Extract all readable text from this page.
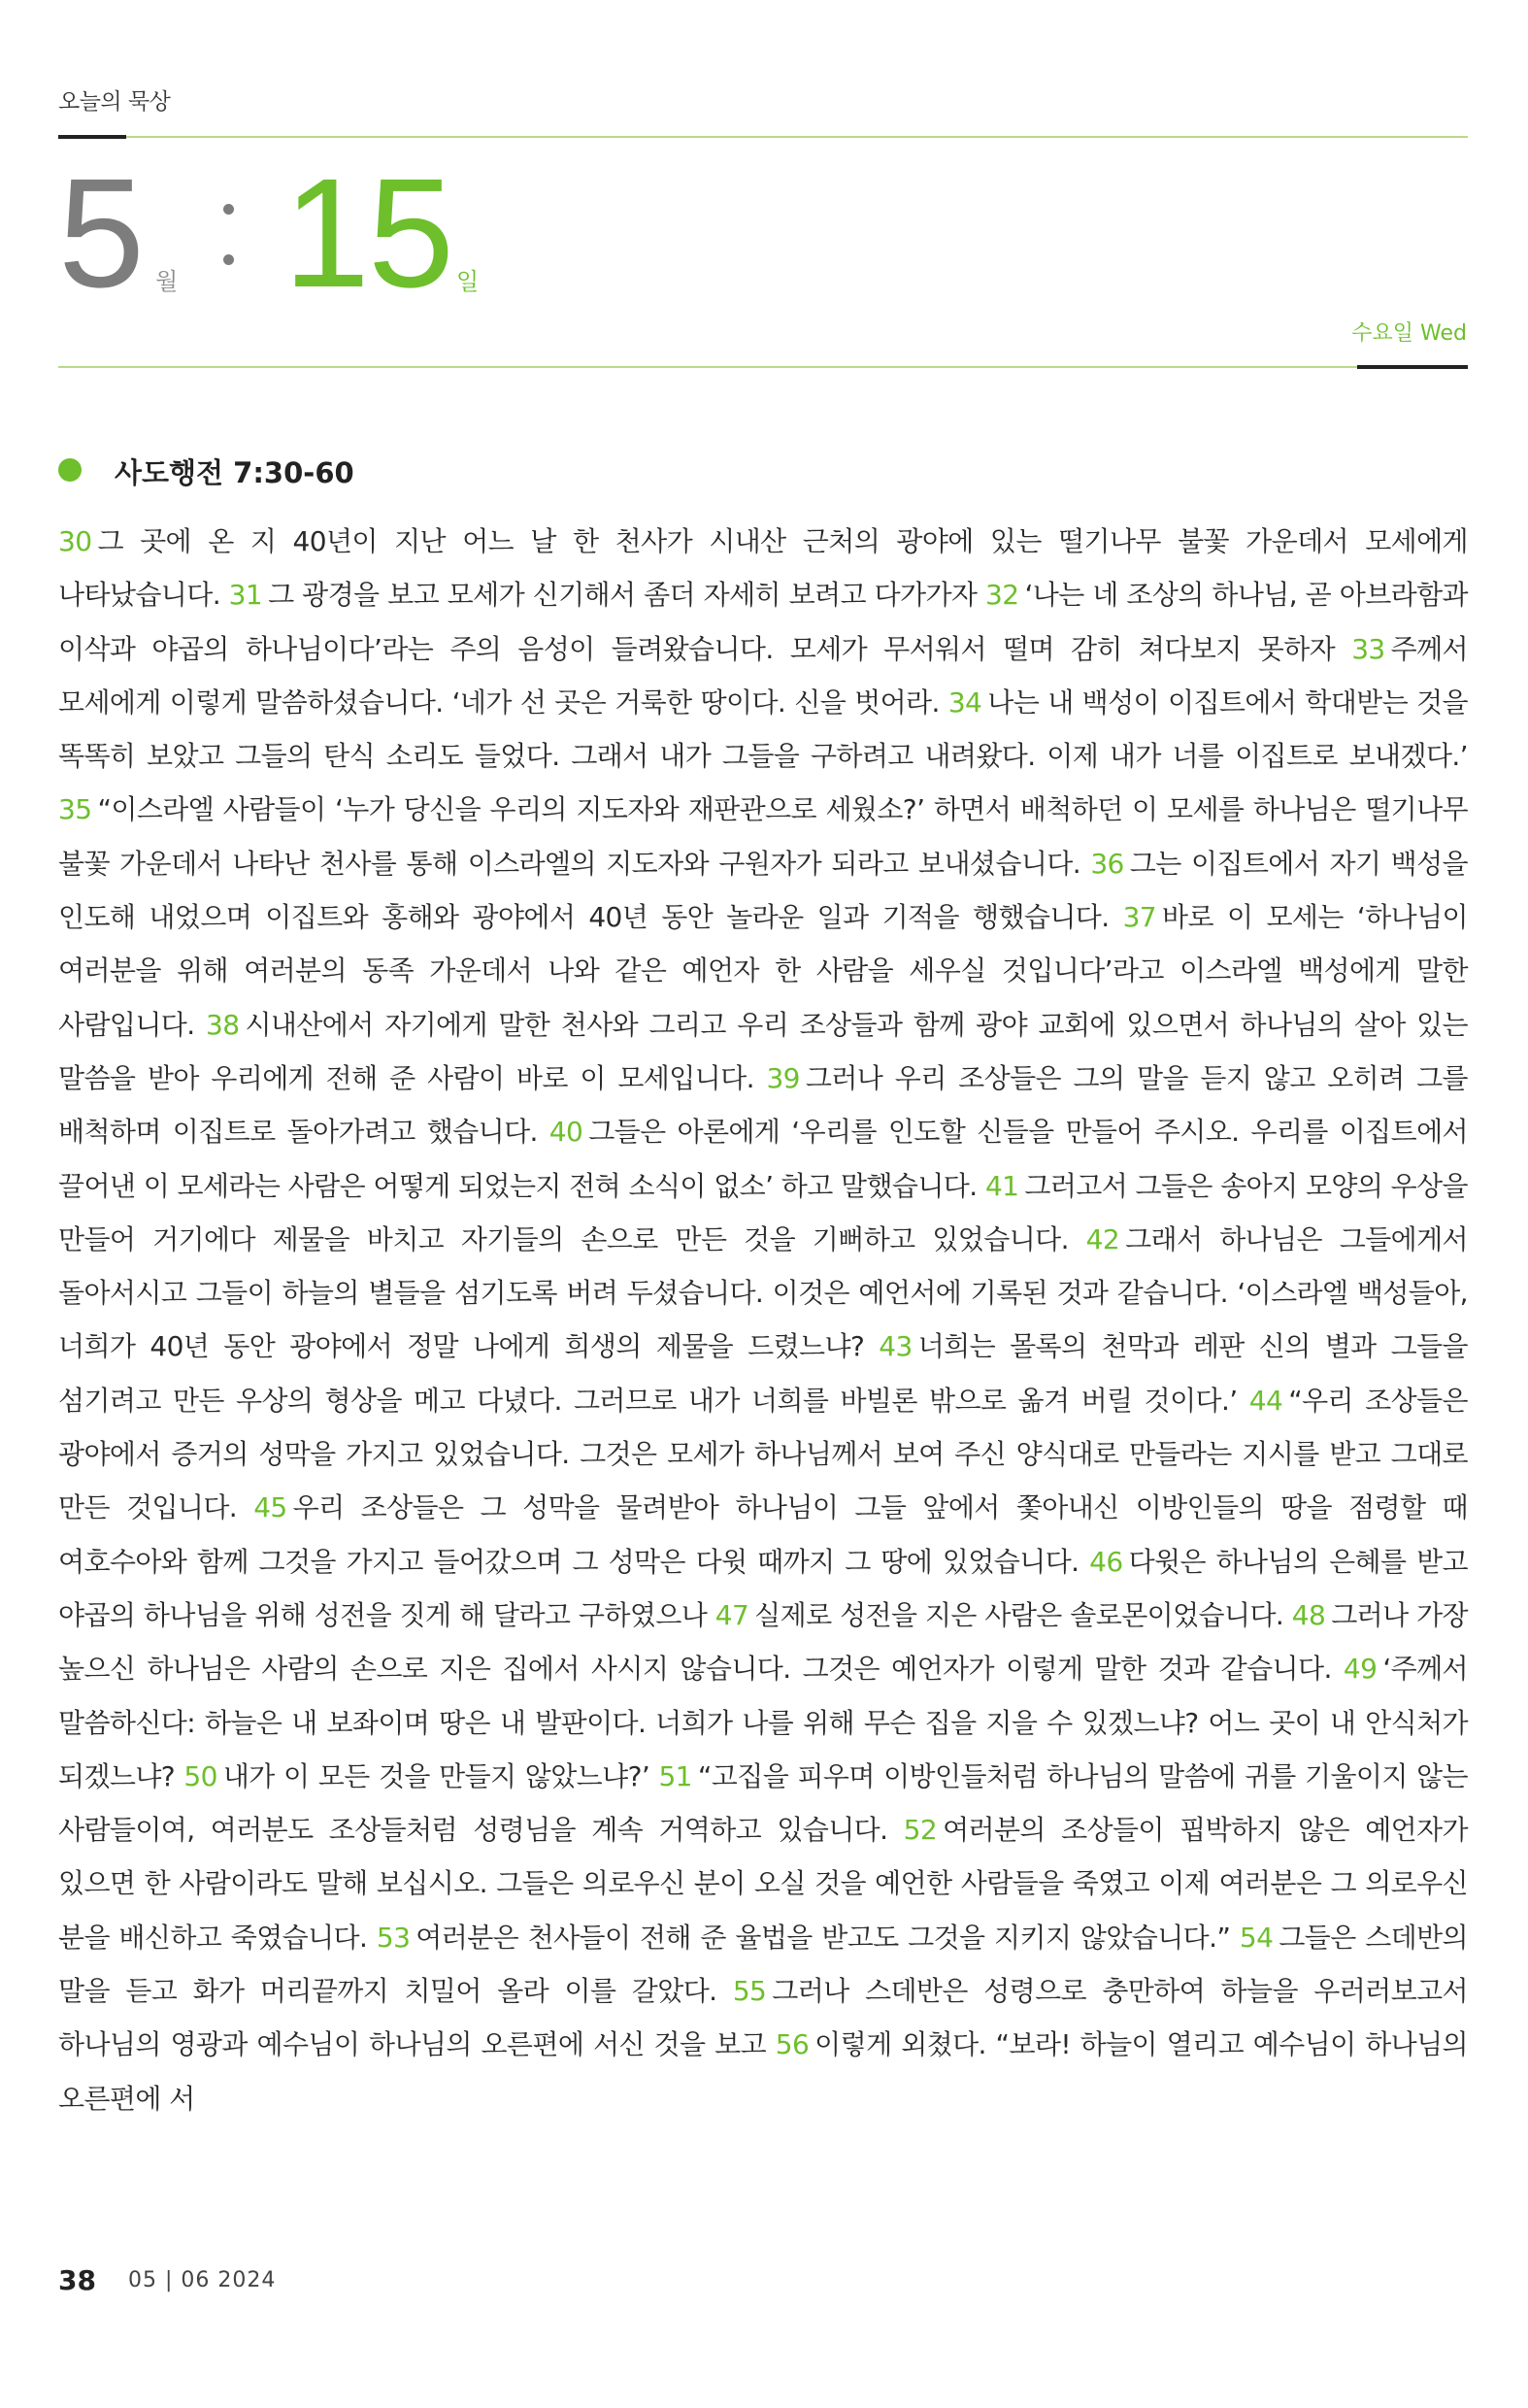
오늘의 묵상
5 월 15 일
수요일 Wed
사도행전 7:30-60
30 그 곳에 온 지 40년이 지난 어느 날 한 천사가 시내산 근처의 광야에 있는 떨기나무 불꽃 가운데서 모세에게 나타났습니다. 31 그 광경을 보고 모세가 신기해서 좀더 자세히 보려고 다가가자 32 ‘나는 네 조상의 하나님, 곧 아브라함과 이삭과 야곱의 하나님이다’라는 주의 음성이 들려왔습니다. 모세가 무서워서 떨며 감히 쳐다보지 못하자 33 주께서 모세에게 이렇게 말씀하셨습니다. ‘네가 선 곳은 거룩한 땅이다. 신을 벗어라. 34 나는 내 백성이 이집트에서 학대받는 것을 똑똑히 보았고 그들의 탄식 소리도 들었다. 그래서 내가 그들을 구하려고 내려왔다. 이제 내가 너를 이집트로 보내겠다.’ 35 “이스라엘 사람들이 ‘누가 당신을 우리의 지도자와 재판관으로 세웠소?’ 하면서 배척하던 이 모세를 하나님은 떨기나무 불꽃 가운데서 나타난 천사를 통해 이스라엘의 지도자와 구원자가 되라고 보내셨습니다. 36 그는 이집트에서 자기 백성을 인도해 내었으며 이집트와 홍해와 광야에서 40년 동안 놀라운 일과 기적을 행했습니다. 37 바로 이 모세는 ‘하나님이 여러분을 위해 여러분의 동족 가운데서 나와 같은 예언자 한 사람을 세우실 것입니다’라고 이스라엘 백성에게 말한 사람입니다. 38 시내산에서 자기에게 말한 천사와 그리고 우리 조상들과 함께 광야 교회에 있으면서 하나님의 살아 있는 말씀을 받아 우리에게 전해 준 사람이 바로 이 모세입니다. 39 그러나 우리 조상들은 그의 말을 듣지 않고 오히려 그를 배척하며 이집트로 돌아가려고 했습니다. 40 그들은 아론에게 ‘우리를 인도할 신들을 만들어 주시오. 우리를 이집트에서 끌어낸 이 모세라는 사람은 어떻게 되었는지 전혀 소식이 없소’ 하고 말했습니다. 41 그러고서 그들은 송아지 모양의 우상을 만들어 거기에다 제물을 바치고 자기들의 손으로 만든 것을 기뻐하고 있었습니다. 42 그래서 하나님은 그들에게서 돌아서시고 그들이 하늘의 별들을 섬기도록 버려 두셨습니다. 이것은 예언서에 기록된 것과 같습니다. ‘이스라엘 백성들아, 너희가 40년 동안 광야에서 정말 나에게 희생의 제물을 드렸느냐? 43 너희는 몰록의 천막과 레판 신의 별과 그들을 섬기려고 만든 우상의 형상을 메고 다녔다. 그러므로 내가 너희를 바빌론 밖으로 옮겨 버릴 것이다.’ 44 “우리 조상들은 광야에서 증거의 성막을 가지고 있었습니다. 그것은 모세가 하나님께서 보여 주신 양식대로 만들라는 지시를 받고 그대로 만든 것입니다. 45 우리 조상들은 그 성막을 물려받아 하나님이 그들 앞에서 쫓아내신 이방인들의 땅을 점령할 때 여호수아와 함께 그것을 가지고 들어갔으며 그 성막은 다윗 때까지 그 땅에 있었습니다. 46 다윗은 하나님의 은혜를 받고 야곱의 하나님을 위해 성전을 짓게 해 달라고 구하였으나 47 실제로 성전을 지은 사람은 솔로몬이었습니다. 48 그러나 가장 높으신 하나님은 사람의 손으로 지은 집에서 사시지 않습니다. 그것은 예언자가 이렇게 말한 것과 같습니다. 49 ‘주께서 말씀하신다: 하늘은 내 보좌이며 땅은 내 발판이다. 너희가 나를 위해 무슨 집을 지을 수 있겠느냐? 어느 곳이 내 안식처가 되겠느냐? 50 내가 이 모든 것을 만들지 않았느냐?’ 51 “고집을 피우며 이방인들처럼 하나님의 말씀에 귀를 기울이지 않는 사람들이여, 여러분도 조상들처럼 성령님을 계속 거역하고 있습니다. 52 여러분의 조상들이 핍박하지 않은 예언자가 있으면 한 사람이라도 말해 보십시오. 그들은 의로우신 분이 오실 것을 예언한 사람들을 죽였고 이제 여러분은 그 의로우신 분을 배신하고 죽였습니다. 53 여러분은 천사들이 전해 준 율법을 받고도 그것을 지키지 않았습니다.” 54 그들은 스데반의 말을 듣고 화가 머리끝까지 치밀어 올라 이를 갈았다. 55 그러나 스데반은 성령으로 충만하여 하늘을 우러러보고서 하나님의 영광과 예수님이 하나님의 오른편에 서신 것을 보고 56 이렇게 외쳤다. “보라! 하늘이 열리고 예수님이 하나님의 오른편에 서
38 05 | 06 2024
